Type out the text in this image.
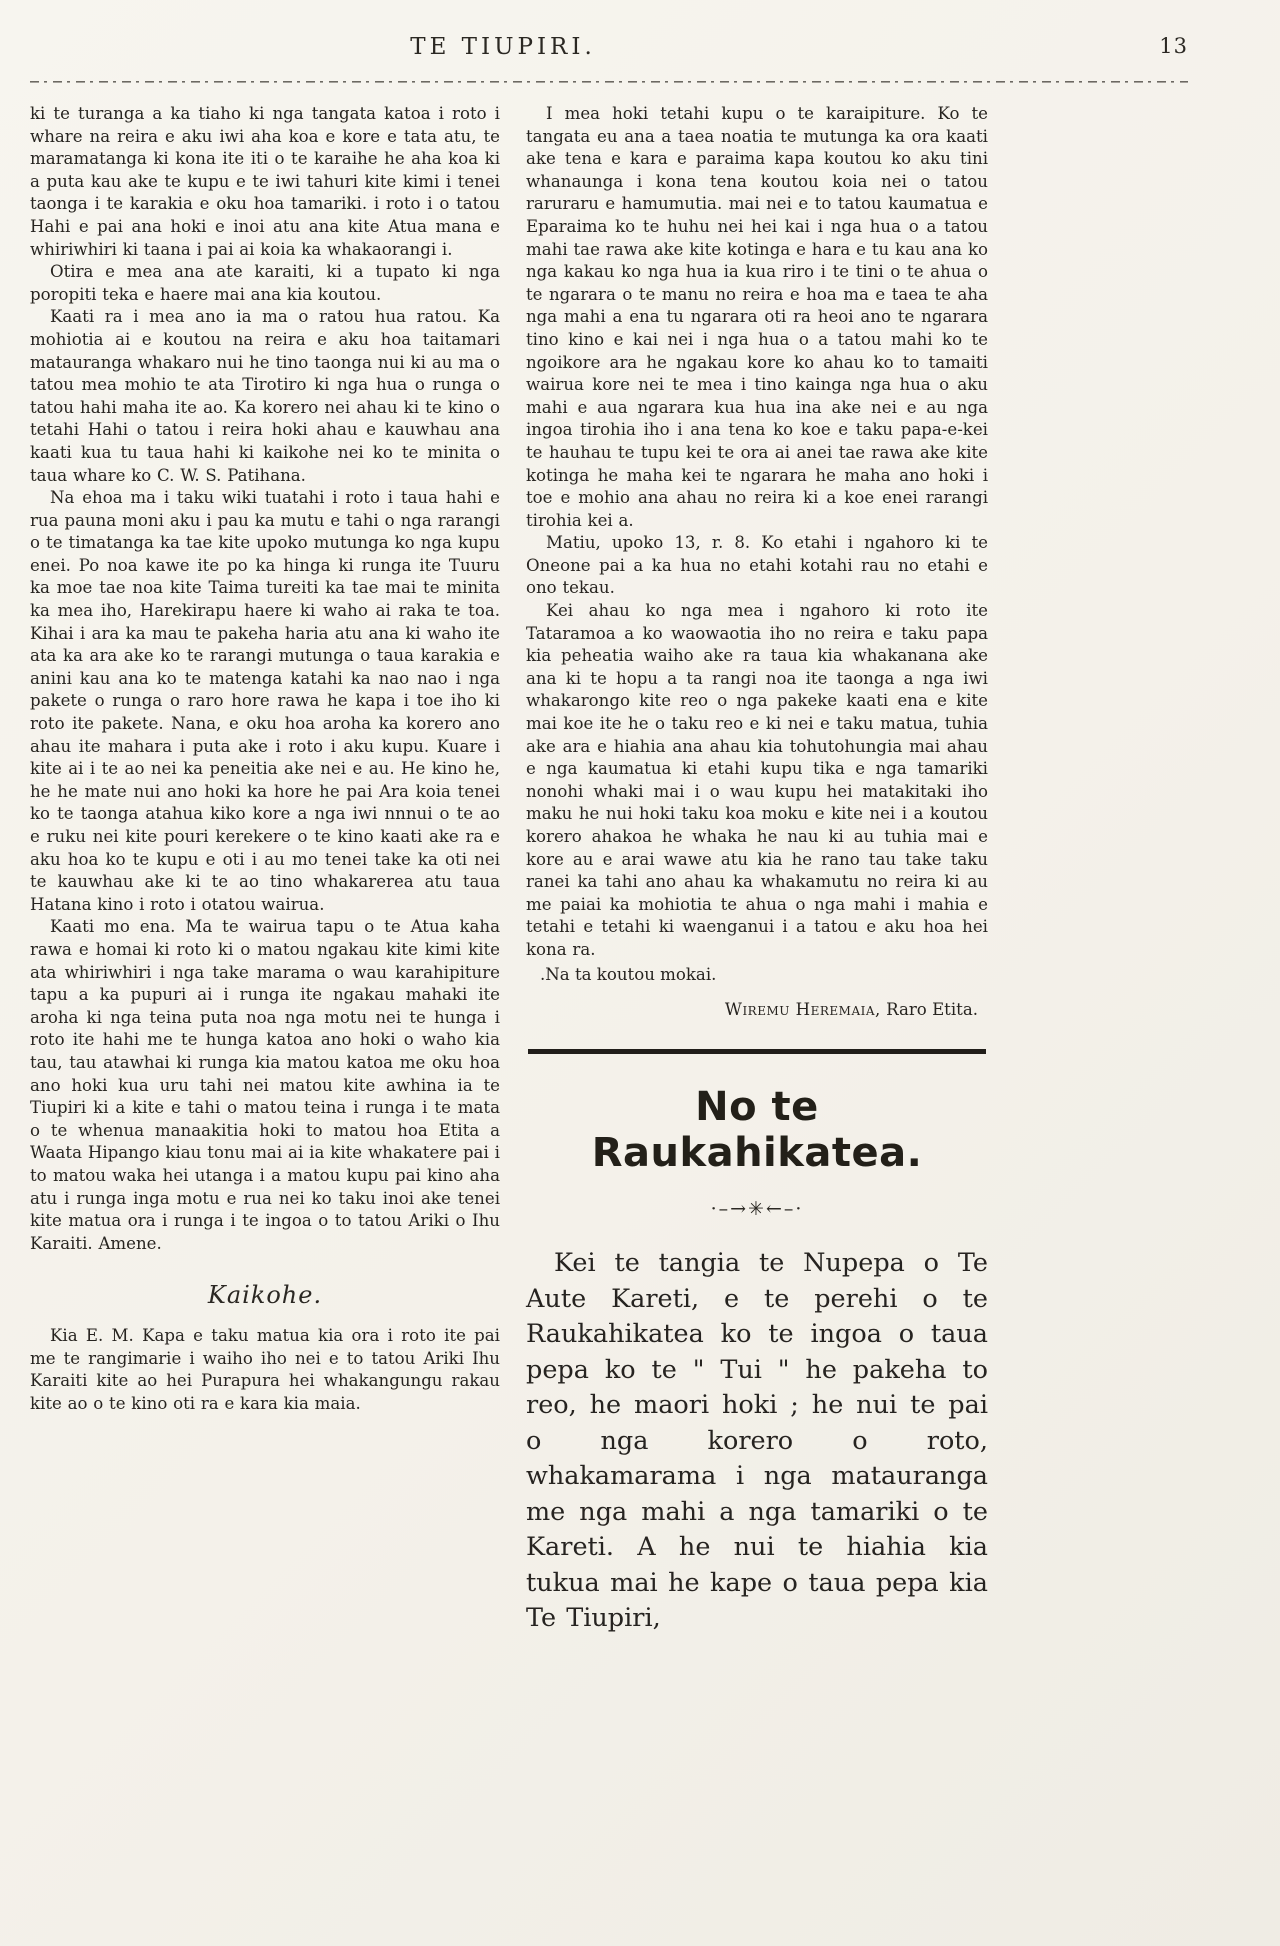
TE TIUPIRI.	13

ki te turanga a ka tiaho ki nga tangata katoa i roto i whare na reira e aku iwi aha koa e kore e tata atu, te maramatanga ki kona ite iti o te karaihe he aha koa ki a puta kau ake te kupu e te iwi tahuri kite kimi i tenei taonga i te karakia e oku hoa tamariki. i roto i o tatou Hahi e pai ana hoki e inoi atu ana kite Atua mana e whiriwhiri ki taana i pai ai koia ka whakaorangi i.

Otira e mea ana ate karaiti, ki a tupato ki nga poropiti teka e haere mai ana kia koutou.

Kaati ra i mea ano ia ma o ratou hua ratou. Ka mohiotia ai e koutou na reira e aku hoa taitamari matauranga whakaro nui he tino taonga nui ki au ma o tatou mea mohio te ata Tirotiro ki nga hua o runga o tatou hahi maha ite ao. Ka korero nei ahau ki te kino o tetahi Hahi o tatou i reira hoki ahau e kauwhau ana kaati kua tu taua hahi ki kaikohe nei ko te minita o taua whare ko C. W. S. Patihana.

Na ehoa ma i taku wiki tuatahi i roto i taua hahi e rua pauna moni aku i pau ka mutu e tahi o nga rarangi o te timatanga ka tae kite upoko mutunga ko nga kupu enei. Po noa kawe ite po ka hinga ki runga ite Tuuru ka moe tae noa kite Taima tureiti ka tae mai te minita ka mea iho, Harekirapu haere ki waho ai raka te toa. Kihai i ara ka mau te pakeha haria atu ana ki waho ite ata ka ara ake ko te rarangi mutunga o taua karakia e anini kau ana ko te matenga katahi ka nao nao i nga pakete o runga o raro hore rawa he kapa i toe iho ki roto ite pakete. Nana, e oku hoa aroha ka korero ano ahau ite mahara i puta ake i roto i aku kupu. Kuare i kite ai i te ao nei ka peneitia ake nei e au. He kino he, he he mate nui ano hoki ka hore he pai Ara koia tenei ko te taonga atahua kiko kore a nga iwi nnnui o te ao e ruku nei kite pouri kerekere o te kino kaati ake ra e aku hoa ko te kupu e oti i au mo tenei take ka oti nei te kauwhau ake ki te ao tino whakarerea atu taua Hatana kino i roto i otatou wairua.

Kaati mo ena. Ma te wairua tapu o te Atua kaha rawa e homai ki roto ki o matou ngakau kite kimi kite ata whiriwhiri i nga take marama o wau karahipiture tapu a ka pupuri ai i runga ite ngakau mahaki ite aroha ki nga teina puta noa nga motu nei te hunga i roto ite hahi me te hunga katoa ano hoki o waho kia tau, tau atawhai ki runga kia matou katoa me oku hoa ano hoki kua uru tahi nei matou kite awhina ia te Tiupiri ki a kite e tahi o matou teina i runga i te mata o te whenua manaakitia hoki to matou hoa Etita a Waata Hipango kiau tonu mai ai ia kite whakatere pai i to matou waka hei utanga i a matou kupu pai kino aha atu i runga inga motu e rua nei ko taku inoi ake tenei kite matua ora i runga i te ingoa o to tatou Ariki o Ihu Karaiti. Amene.

Kaikohe.

Kia E. M. Kapa e taku matua kia ora i roto ite pai me te rangimarie i waiho iho nei e to tatou Ariki Ihu Karaiti kite ao hei Purapura hei whakangungu rakau kite ao o te kino oti ra e kara kia maia.

I mea hoki tetahi kupu o te karaipiture. Ko te tangata eu ana a taea noatia te mutunga ka ora kaati ake tena e kara e paraima kapa koutou ko aku tini whanaunga i kona tena koutou koia nei o tatou raruraru e hamumutia. mai nei e to tatou kaumatua e Eparaima ko te huhu nei hei kai i nga hua o a tatou mahi tae rawa ake kite kotinga e hara e tu kau ana ko nga kakau ko nga hua ia kua riro i te tini o te ahua o te ngarara o te manu no reira e hoa ma e taea te aha nga mahi a ena tu ngarara oti ra heoi ano te ngarara tino kino e kai nei i nga hua o a tatou mahi ko te ngoikore ara he ngakau kore ko ahau ko to tamaiti wairua kore nei te mea i tino kainga nga hua o aku mahi e aua ngarara kua hua ina ake nei e au nga ingoa tirohia iho i ana tena ko koe e taku papa-e-kei te hauhau te tupu kei te ora ai anei tae rawa ake kite kotinga he maha kei te ngarara he maha ano hoki i toe e mohio ana ahau no reira ki a koe enei rarangi tirohia kei a.

Matiu, upoko 13, r. 8. Ko etahi i ngahoro ki te Oneone pai a ka hua no etahi kotahi rau no etahi e ono tekau.

Kei ahau ko nga mea i ngahoro ki roto ite Tataramoa a ko waowaotia iho no reira e taku papa kia peheatia waiho ake ra taua kia whakanana ake ana ki te hopu a ta rangi noa ite taonga a nga iwi whakarongo kite reo o nga pakeke kaati ena e kite mai koe ite he o taku reo e ki nei e taku matua, tuhia ake ara e hiahia ana ahau kia tohutohungia mai ahau e nga kaumatua ki etahi kupu tika e nga tamariki nonohi whaki mai i o wau kupu hei matakitaki iho maku he nui hoki taku koa moku e kite nei i a koutou korero ahakoa he whaka he nau ki au tuhia mai e kore au e arai wawe atu kia he rano tau take taku ranei ka tahi ano ahau ka whakamutu no reira ki au me paiai ka mohiotia te ahua o nga mahi i mahia e tetahi e tetahi ki waenganui i a tatou e aku hoa hei kona ra.

.Na ta koutou mokai.

Wiremu Heremaia, Raro Etita.

No te Raukahikatea.
·–→✳←–·

Kei te tangia te Nupepa o Te Aute Kareti, e te perehi o te Raukahikatea ko te ingoa o taua pepa ko te " Tui " he pakeha to reo, he maori hoki ; he nui te pai o nga korero o roto, whakamarama i nga matauranga me nga mahi a nga tamariki o te Kareti. A he nui te hiahia kia tukua mai he kape o taua pepa kia Te Tiupiri,
